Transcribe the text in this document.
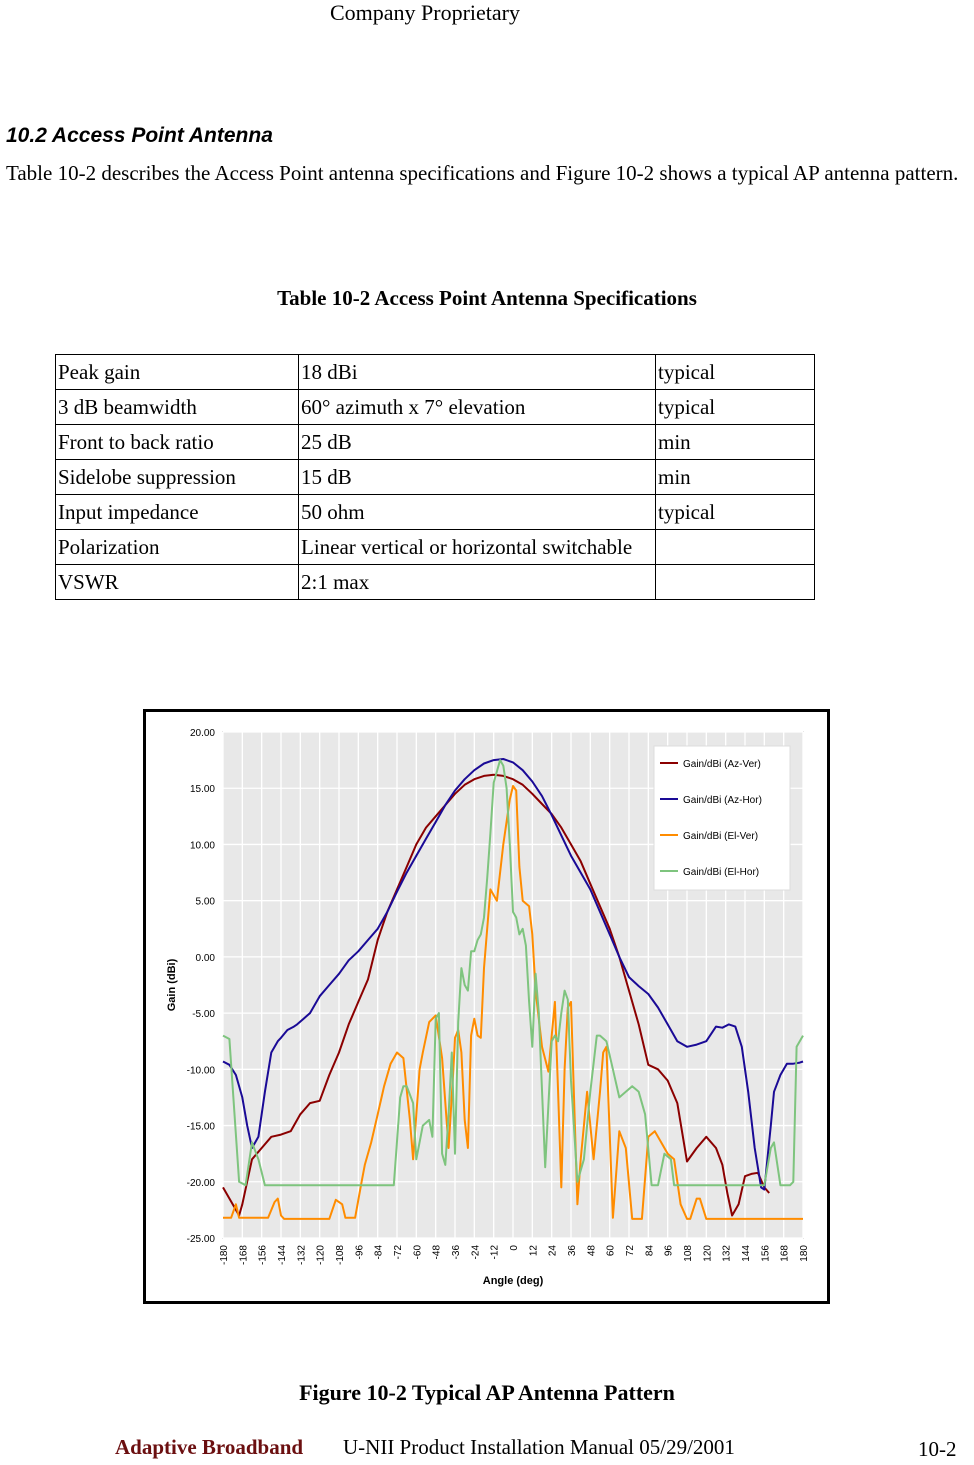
Company Proprietary
10.2 Access Point Antenna
Table 10-2 describes the Access Point antenna specifications and Figure 10-2 shows a typical AP antenna pattern.
Table 10-2 Access Point Antenna Specifications
Peak gain	18 dBi	typical
3 dB beamwidth	60° azimuth x 7° elevation	typical
Front to back ratio	25 dB	min
Sidelobe suppression	15 dB	min
Input impedance	50 ohm	typical
Polarization	Linear vertical or horizontal switchable	
VSWR	2:1 max	
20.00
15.00
10.00
5.00
0.00
-5.00
-10.00
-15.00
-20.00
-25.00
-180 -168 -156 -144 -132 -120 -108 -96 -84 -72 -60 -48 -36 -24 -12 0 12 24 36 48 60 72 84 96 108 120 132 144 156 168 180
Angle (deg)
Gain (dBi)
Gain/dBi (Az-Ver)
Gain/dBi (Az-Hor)
Gain/dBi (El-Ver)
Gain/dBi (El-Hor)
Figure 10-2 Typical AP Antenna Pattern
Adaptive Broadband U-NII Product Installation Manual 05/29/2001	10-2
